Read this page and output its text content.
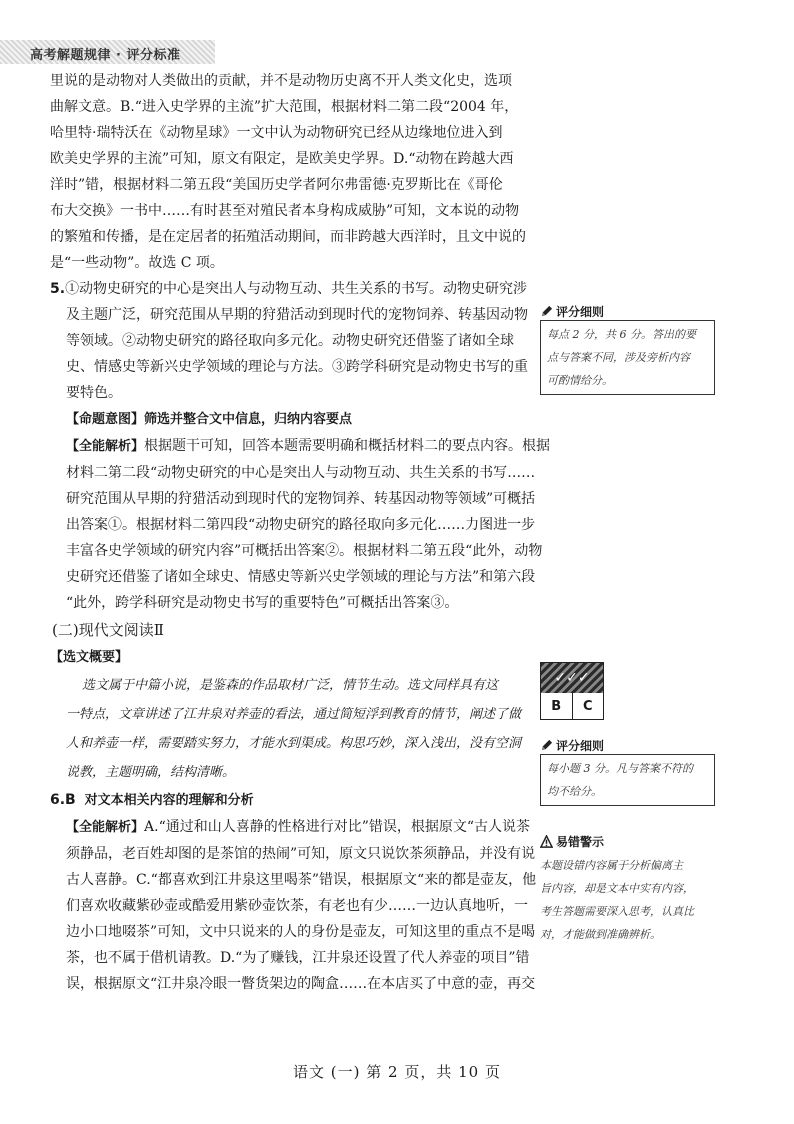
高考解题规律 · 评分标准
里说的是动物对人类做出的贡献，并不是动物历史离不开人类文化史，选项
曲解文意。B.“进入史学界的主流”扩大范围，根据材料二第二段“2004 年，
哈里特·瑞特沃在《动物星球》一文中认为动物研究已经从边缘地位进入到
欧美史学界的主流”可知，原文有限定，是欧美史学界。D.“动物在跨越大西
洋时”错，根据材料二第五段“美国历史学者阿尔弗雷德·克罗斯比在《哥伦
布大交换》一书中……有时甚至对殖民者本身构成威胁”可知，文本说的动物
的繁殖和传播，是在定居者的拓殖活动期间，而非跨越大西洋时，且文中说的
是“一些动物”。故选 C 项。
5.①动物史研究的中心是突出人与动物互动、共生关系的书写。动物史研究涉
及主题广泛，研究范围从早期的狩猎活动到现时代的宠物饲养、转基因动物
等领域。②动物史研究的路径取向多元化。动物史研究还借鉴了诸如全球
史、情感史等新兴史学领域的理论与方法。③跨学科研究是动物史书写的重
要特色。
【命题意图】筛选并整合文中信息，归纳内容要点
【全能解析】根据题干可知，回答本题需要明确和概括材料二的要点内容。根据
材料二第二段“动物史研究的中心是突出人与动物互动、共生关系的书写……
研究范围从早期的狩猎活动到现时代的宠物饲养、转基因动物等领域”可概括
出答案①。根据材料二第四段“动物史研究的路径取向多元化……力图进一步
丰富各史学领域的研究内容”可概括出答案②。根据材料二第五段“此外，动物
史研究还借鉴了诸如全球史、情感史等新兴史学领域的理论与方法”和第六段
“此外，跨学科研究是动物史书写的重要特色”可概括出答案③。
(二)现代文阅读Ⅱ
【选文概要】
选文属于中篇小说，是鉴森的作品取材广泛，情节生动。选文同样具有这
一特点，文章讲述了江井泉对养壶的看法，通过简短浮到教育的情节，阐述了做
人和养壶一样，需要踏实努力，才能水到渠成。构思巧妙，深入浅出，没有空洞
说教，主题明确，结构清晰。
6.B 对文本相关内容的理解和分析
【全能解析】A.“通过和山人喜静的性格进行对比”错误，根据原文“古人说茶
须静品，老百姓却图的是茶馆的热闹”可知，原文只说饮茶须静品，并没有说
古人喜静。C.“都喜欢到江井泉这里喝茶”错误，根据原文“来的都是壶友，他
们喜欢收藏紫砂壶或酷爱用紫砂壶饮茶，有老也有少……一边认真地听，一
边小口地啜茶”可知，文中只说来的人的身份是壶友，可知这里的重点不是喝
茶，也不属于借机请教。D.“为了赚钱，江井泉还设置了代人养壶的项目”错
误，根据原文“江井泉冷眼一瞥货架边的陶盒……在本店买了中意的壶，再交
评分细则
每点 2 分，共 6 分。答出的要
点与答案不同，涉及旁析内容
可酌情给分。
✓✓✓
B	C
评分细则
每小题 3 分。凡与答案不符的
均不给分。
易错警示
本题设错内容属于分析偏离主
旨内容，却是文本中实有内容，
考生答题需要深入思考，认真比
对，才能做到准确辨析。
语文 (一) 第 2 页，共 10 页
